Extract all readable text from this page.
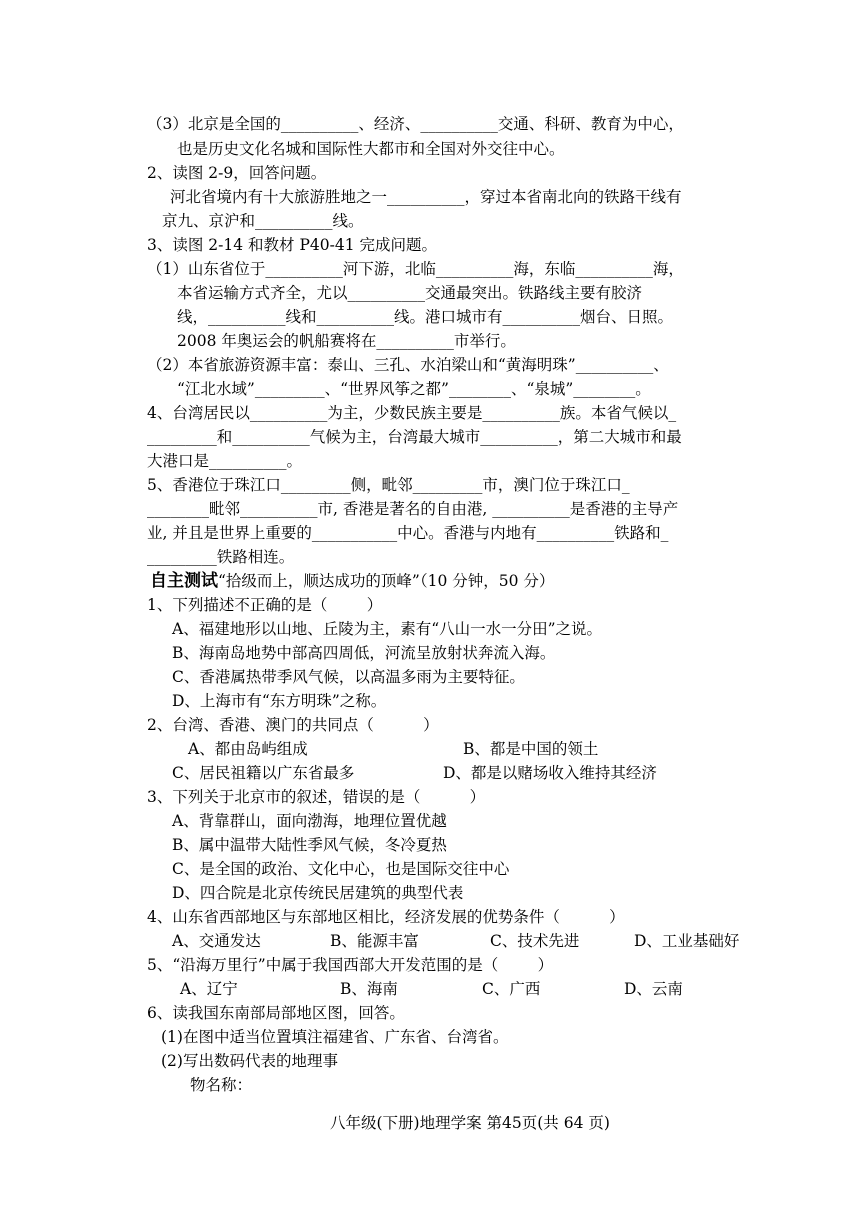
（3）北京是全国的__________、经济、__________交通、科研、教育为中心，
也是历史文化名城和国际性大都市和全国对外交往中心。
2、读图 2-9，回答问题。
河北省境内有十大旅游胜地之一__________，穿过本省南北向的铁路干线有
京九、京沪和__________线。
3、读图 2-14 和教材 P40-41 完成问题。
（1）山东省位于__________河下游，北临__________海，东临__________海，
本省运输方式齐全，尤以__________交通最突出。铁路线主要有胶济
线，__________线和__________线。港口城市有__________烟台、日照。
2008 年奥运会的帆船赛将在__________市举行。
（2）本省旅游资源丰富：泰山、三孔、水泊梁山和“黄海明珠”__________、
“江北水域”_________、“世界风筝之都”________、“泉城”________。
4、台湾居民以__________为主，少数民族主要是__________族。本省气候以_
_________和__________气候为主，台湾最大城市__________，第二大城市和最
大港口是__________。
5、香港位于珠江口_________侧，毗邻_________市，澳门位于珠江口_
________毗邻__________市, 香港是著名的自由港, __________是香港的主导产
业, 并且是世界上重要的___________中心。香港与内地有__________铁路和_
_________铁路相连。
自主测试“拾级而上，顺达成功的顶峰”（10 分钟，50 分）
1、下列描述不正确的是（        ）
A、福建地形以山地、丘陵为主，素有“八山一水一分田”之说。
B、海南岛地势中部高四周低，河流呈放射状奔流入海。
C、香港属热带季风气候，以高温多雨为主要特征。
D、上海市有“东方明珠”之称。
2、台湾、香港、澳门的共同点（          ）
A、都由岛屿组成	B、都是中国的领土
C、居民祖籍以广东省最多	D、都是以赌场收入维持其经济
3、下列关于北京市的叙述，错误的是（          ）
A、背靠群山，面向渤海，地理位置优越
B、属中温带大陆性季风气候，冬冷夏热
C、是全国的政治、文化中心，也是国际交往中心
D、四合院是北京传统民居建筑的典型代表
4、山东省西部地区与东部地区相比，经济发展的优势条件（          ）
A、交通发达	B、能源丰富	C、技术先进	D、工业基础好
5、“沿海万里行”中属于我国西部大开发范围的是（        ）
A、辽宁	B、海南	C、广西	D、云南
6、读我国东南部局部地区图，回答。
(1)在图中适当位置填注福建省、广东省、台湾省。
(2)写出数码代表的地理事
物名称：
八年级(下册)地理学案 第45页(共 64 页)
